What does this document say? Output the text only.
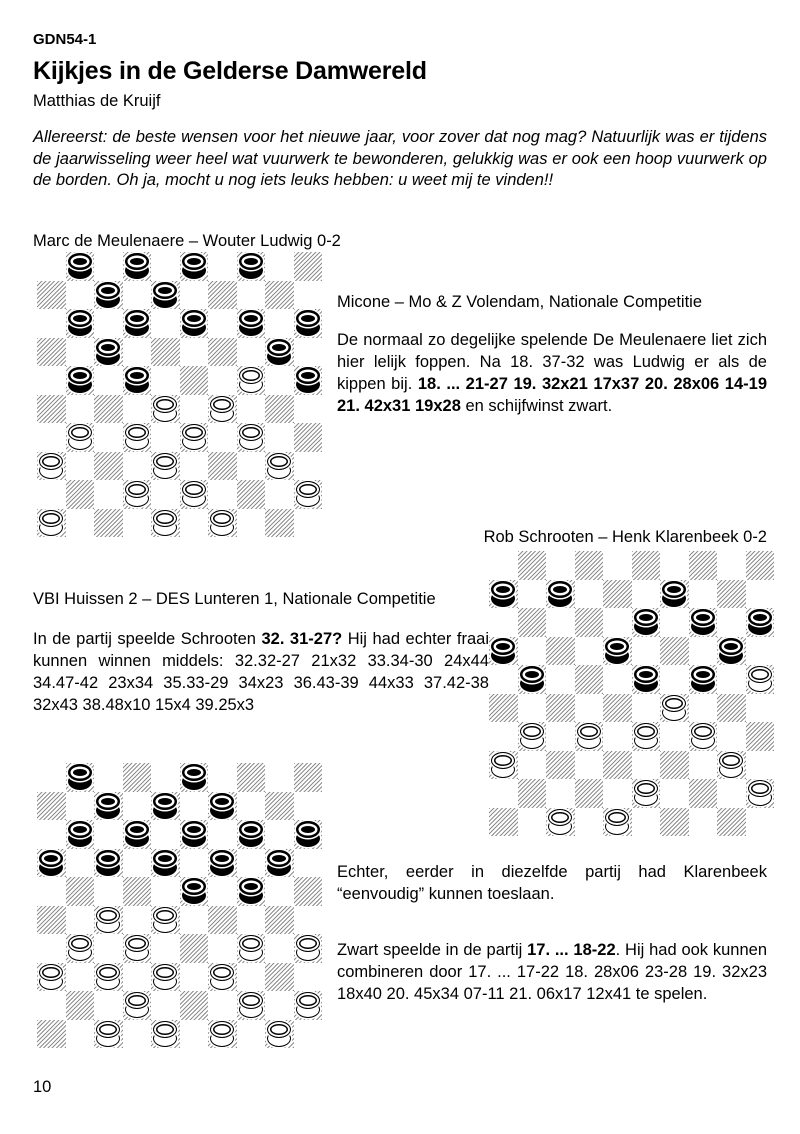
GDN54-1
Kijkjes in de Gelderse Damwereld
Matthias de Kruijf

Allereerst: de beste wensen voor het nieuwe jaar, voor zover dat nog mag? Natuurlijk was er tijdens de jaarwisseling weer heel wat vuurwerk te bewonderen, gelukkig was er ook een hoop vuurwerk op de borden. Oh ja, mocht u nog iets leuks hebben: u weet mij te vinden!!

Marc de Meulenaere – Wouter Ludwig 0-2
Micone – Mo & Z Volendam, Nationale Competitie
De normaal zo degelijke spelende De Meulenaere liet zich hier lelijk foppen. Na 18. 37-32 was Ludwig er als de kippen bij. 18. ... 21-27 19. 32x21 17x37 20. 28x06 14-19 21. 42x31 19x28 en schijfwinst zwart.
Rob Schrooten – Henk Klarenbeek 0-2
VBI Huissen 2 – DES Lunteren 1, Nationale Competitie
In de partij speelde Schrooten 32. 31-27? Hij had echter fraai kunnen winnen middels: 32.32-27 21x32 33.34-30 24x44 34.47-42 23x34 35.33-29 34x23 36.43-39 44x33 37.42-38 32x43 38.48x10 15x4 39.25x3
Echter, eerder in diezelfde partij had Klarenbeek “eenvoudig” kunnen toeslaan.
Zwart speelde in de partij 17. ... 18-22. Hij had ook kunnen combineren door 17. ... 17-22 18. 28x06 23-28 19. 32x23 18x40 20. 45x34 07-11 21. 06x17 12x41 te spelen.
10
